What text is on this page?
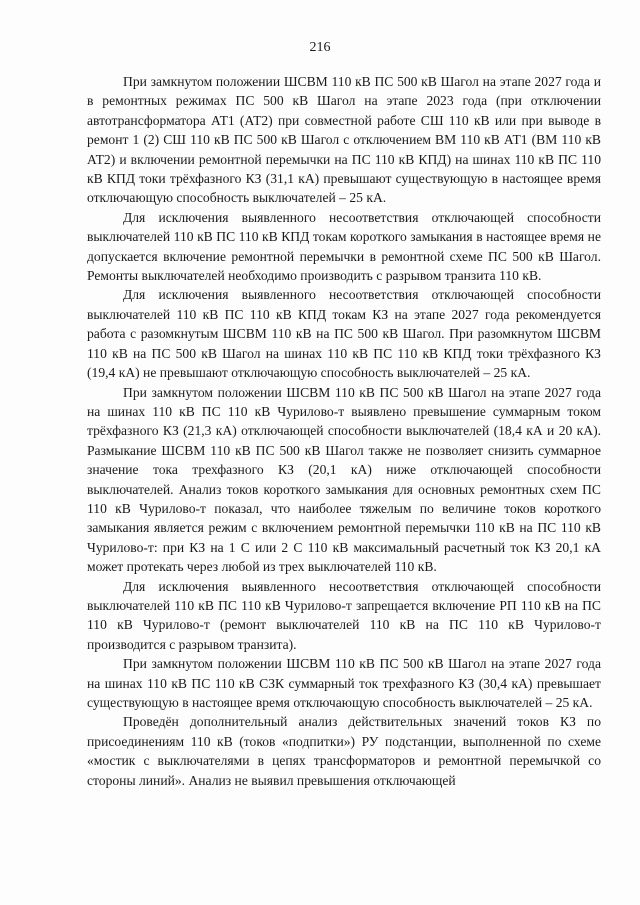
216

При замкнутом положении ШСВМ 110 кВ ПС 500 кВ Шагол на этапе 2027 года и в ремонтных режимах ПС 500 кВ Шагол на этапе 2023 года (при отключении автотрансформатора АТ1 (АТ2) при совместной работе СШ 110 кВ или при выводе в ремонт 1 (2) СШ 110 кВ ПС 500 кВ Шагол с отключением ВМ 110 кВ АТ1 (ВМ 110 кВ АТ2) и включении ремонтной перемычки на ПС 110 кВ КПД) на шинах 110 кВ ПС 110 кВ КПД токи трёхфазного КЗ (31,1 кА) превышают существующую в настоящее время отключающую способность выключателей – 25 кА.

Для исключения выявленного несоответствия отключающей способности выключателей 110 кВ ПС 110 кВ КПД токам короткого замыкания в настоящее время не допускается включение ремонтной перемычки в ремонтной схеме ПС 500 кВ Шагол. Ремонты выключателей необходимо производить с разрывом транзита 110 кВ.

Для исключения выявленного несоответствия отключающей способности выключателей 110 кВ ПС 110 кВ КПД токам КЗ на этапе 2027 года рекомендуется работа с разомкнутым ШСВМ 110 кВ на ПС 500 кВ Шагол. При разомкнутом ШСВМ 110 кВ на ПС 500 кВ Шагол на шинах 110 кВ ПС 110 кВ КПД токи трёхфазного КЗ (19,4 кА) не превышают отключающую способность выключателей – 25 кА.

При замкнутом положении ШСВМ 110 кВ ПС 500 кВ Шагол на этапе 2027 года на шинах 110 кВ ПС 110 кВ Чурилово-т выявлено превышение суммарным током трёхфазного КЗ (21,3 кА) отключающей способности выключателей (18,4 кА и 20 кА). Размыкание ШСВМ 110 кВ ПС 500 кВ Шагол также не позволяет снизить суммарное значение тока трехфазного КЗ (20,1 кА) ниже отключающей способности выключателей. Анализ токов короткого замыкания для основных ремонтных схем ПС 110 кВ Чурилово-т показал, что наиболее тяжелым по величине токов короткого замыкания является режим с включением ремонтной перемычки 110 кВ на ПС 110 кВ Чурилово-т: при КЗ на 1 С или 2 С 110 кВ максимальный расчетный ток КЗ 20,1 кА может протекать через любой из трех выключателей 110 кВ.

Для исключения выявленного несоответствия отключающей способности выключателей 110 кВ ПС 110 кВ Чурилово-т запрещается включение РП 110 кВ на ПС 110 кВ Чурилово-т (ремонт выключателей 110 кВ на ПС 110 кВ Чурилово-т производится с разрывом транзита).

При замкнутом положении ШСВМ 110 кВ ПС 500 кВ Шагол на этапе 2027 года на шинах 110 кВ ПС 110 кВ СЗК суммарный ток трехфазного КЗ (30,4 кА) превышает существующую в настоящее время отключающую способность выключателей – 25 кА.

Проведён дополнительный анализ действительных значений токов КЗ по присоединениям 110 кВ (токов «подпитки») РУ подстанции, выполненной по схеме «мостик с выключателями в цепях трансформаторов и ремонтной перемычкой со стороны линий». Анализ не выявил превышения отключающей
